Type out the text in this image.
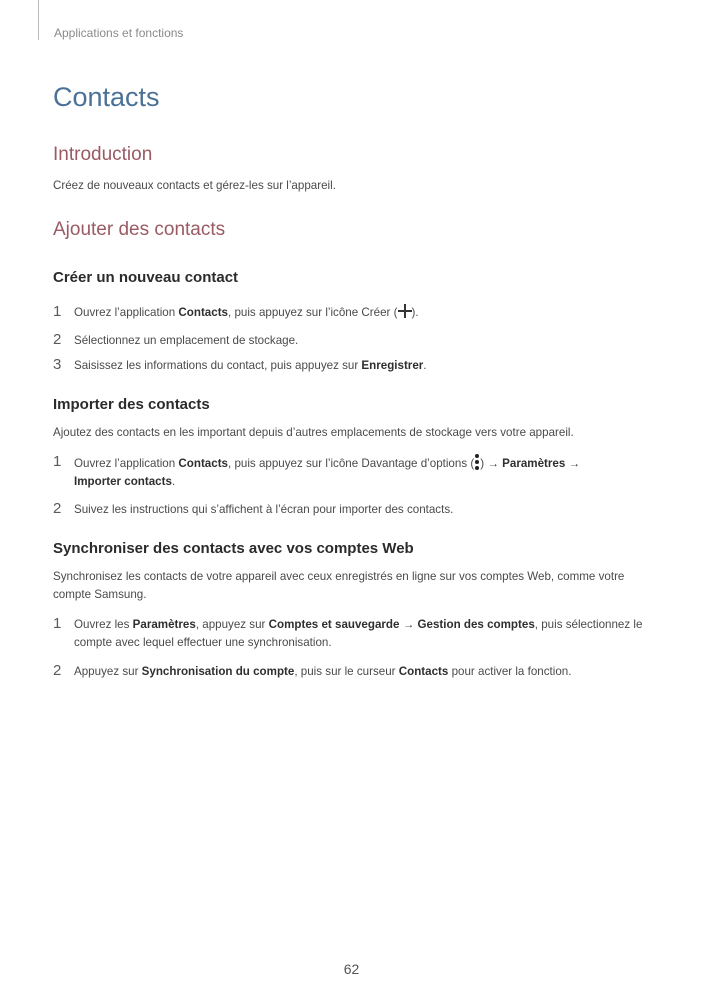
Applications et fonctions
Contacts
Introduction

Créez de nouveaux contacts et gérez-les sur l’appareil.

Ajouter des contacts
Créer un nouveau contact
1 Ouvrez l’application Contacts, puis appuyez sur l’icône Créer ( ).
2 Sélectionnez un emplacement de stockage.
3 Saisissez les informations du contact, puis appuyez sur Enregistrer.
Importer des contacts

Ajoutez des contacts en les important depuis d’autres emplacements de stockage vers votre appareil.

1 Ouvrez l’application Contacts, puis appuyez sur l’icône Davantage d’options ( ) → Paramètres →
Importer contacts.
2 Suivez les instructions qui s’affichent à l’écran pour importer des contacts.
Synchroniser des contacts avec vos comptes Web

Synchronisez les contacts de votre appareil avec ceux enregistrés en ligne sur vos comptes Web, comme votre compte Samsung.

1 Ouvrez les Paramètres, appuyez sur Comptes et sauvegarde → Gestion des comptes, puis sélectionnez le compte avec lequel effectuer une synchronisation.
2 Appuyez sur Synchronisation du compte, puis sur le curseur Contacts pour activer la fonction.
62
